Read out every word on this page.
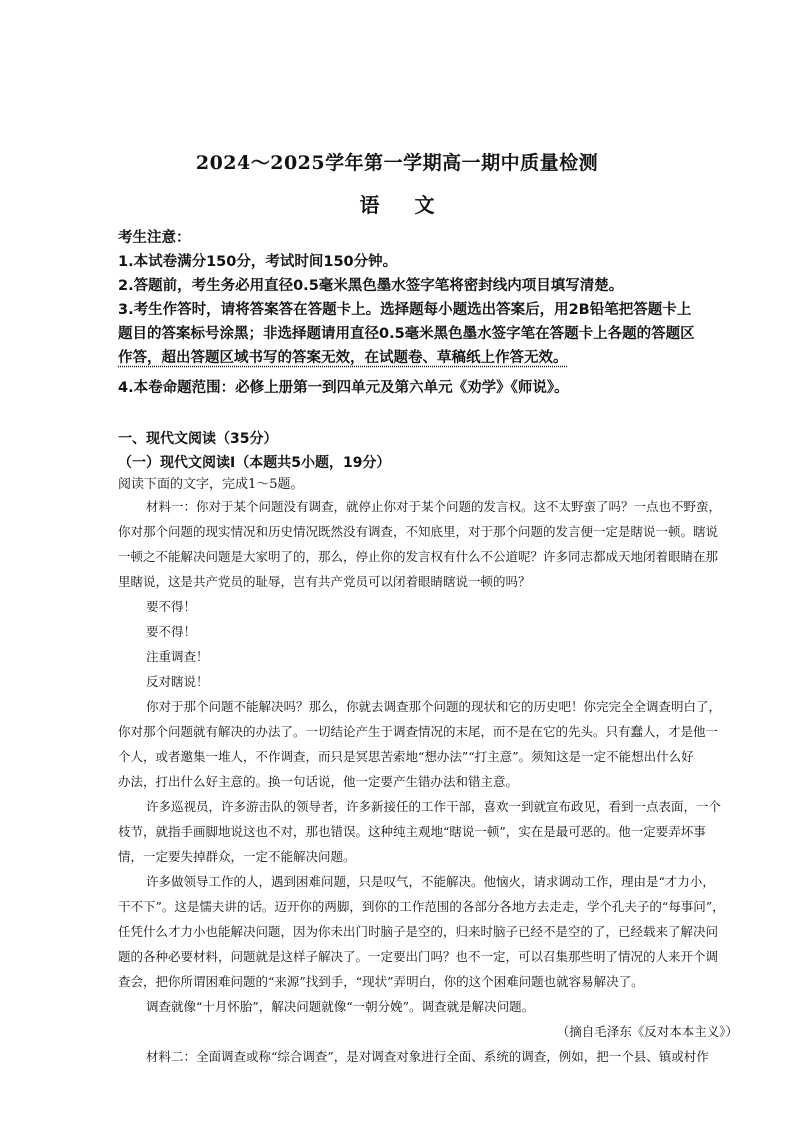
2024～2025学年第一学期高一期中质量检测
语 文
考生注意：
1.本试卷满分150分，考试时间150分钟。
2.答题前，考生务必用直径0.5毫米黑色墨水签字笔将密封线内项目填写清楚。
3.考生作答时，请将答案答在答题卡上。选择题每小题选出答案后，用2B铅笔把答题卡上
题目的答案标号涂黑；非选择题请用直径0.5毫米黑色墨水签字笔在答题卡上各题的答题区
作答，超出答题区域书写的答案无效，在试题卷、草稿纸上作答无效。
4.本卷命题范围：必修上册第一到四单元及第六单元《劝学》《师说》。
一、现代文阅读（35分）
（一）现代文阅读Ⅰ（本题共5小题，19分）
阅读下面的文字，完成1～5题。
材料一：你对于某个问题没有调查，就停止你对于某个问题的发言权。这不太野蛮了吗？一点也不野蛮，
你对那个问题的现实情况和历史情况既然没有调查，不知底里，对于那个问题的发言便一定是瞎说一顿。瞎说
一顿之不能解决问题是大家明了的，那么，停止你的发言权有什么不公道呢？许多同志都成天地闭着眼睛在那
里瞎说，这是共产党员的耻辱，岂有共产党员可以闭着眼睛瞎说一顿的吗？
要不得！
要不得！
注重调查！
反对瞎说！
你对于那个问题不能解决吗？那么，你就去调查那个问题的现状和它的历史吧！你完完全全调查明白了，
你对那个问题就有解决的办法了。一切结论产生于调查情况的末尾，而不是在它的先头。只有蠢人，才是他一
个人，或者邀集一堆人，不作调查，而只是冥思苦索地“想办法”“打主意”。须知这是一定不能想出什么好
办法，打出什么好主意的。换一句话说，他一定要产生错办法和错主意。
许多巡视员，许多游击队的领导者，许多新接任的工作干部，喜欢一到就宣布政见，看到一点表面，一个
枝节，就指手画脚地说这也不对，那也错误。这种纯主观地“瞎说一顿”，实在是最可恶的。他一定要弄坏事
情，一定要失掉群众，一定不能解决问题。
许多做领导工作的人，遇到困难问题，只是叹气，不能解决。他恼火，请求调动工作，理由是“才力小，
干不下”。这是懦夫讲的话。迈开你的两脚，到你的工作范围的各部分各地方去走走，学个孔夫子的“每事问”，
任凭什么才力小也能解决问题，因为你未出门时脑子是空的，归来时脑子已经不是空的了，已经载来了解决问
题的各种必要材料，问题就是这样子解决了。一定要出门吗？也不一定，可以召集那些明了情况的人来开个调
查会，把你所谓困难问题的“来源”找到手，“现状”弄明白，你的这个困难问题也就容易解决了。
调查就像“十月怀胎”，解决问题就像“一朝分娩”。调查就是解决问题。
（摘自毛泽东《反对本本主义》）
材料二：全面调查或称“综合调查”，是对调查对象进行全面、系统的调查，例如，把一个县、镇或村作
